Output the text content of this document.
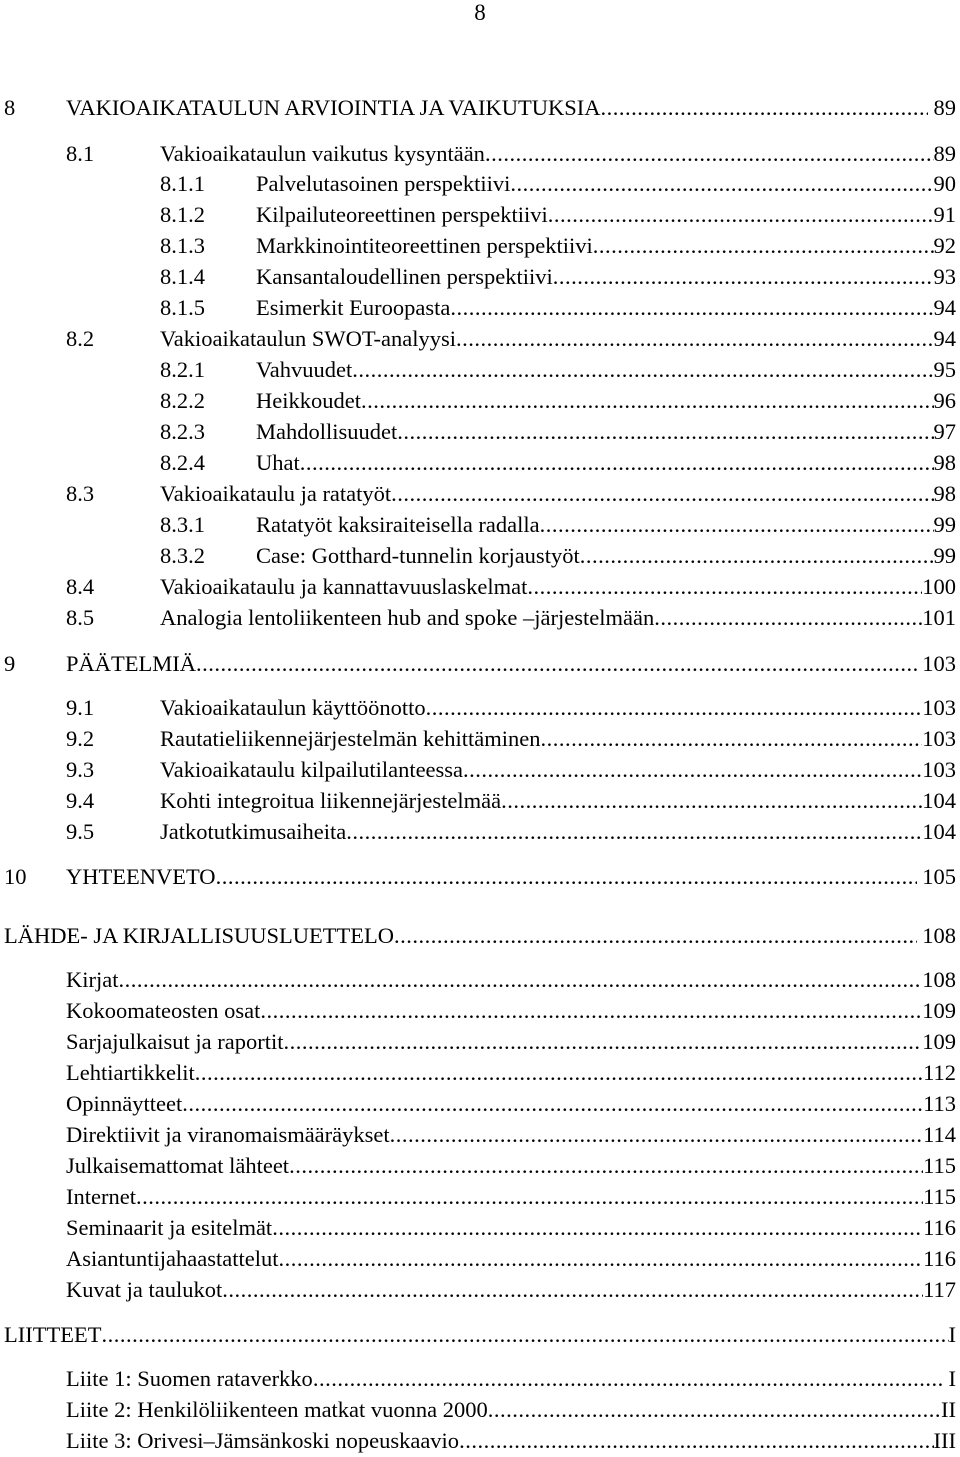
8
8 VAKIOAIKATAULUN ARVIOINTIA JA VAIKUTUKSIA .....	89
8.1	Vakioaikataulun vaikutus kysyntään .....	89
8.1.1 Palvelutasoinen perspektiivi .....	90
8.1.2 Kilpailuteoreettinen perspektiivi .....	91
8.1.3 Markkinointiteoreettinen perspektiivi .....	92
8.1.4 Kansantaloudellinen perspektiivi .....	93
8.1.5 Esimerkit Euroopasta .....	94
8.2	Vakioaikataulun SWOT-analyysi .....	94
8.2.1 Vahvuudet .....	95
8.2.2 Heikkoudet .....	96
8.2.3 Mahdollisuudet .....	97
8.2.4 Uhat .....	98
8.3	Vakioaikataulu ja ratatyöt .....	98
8.3.1 Ratatyöt kaksiraiteisella radalla .....	99
8.3.2 Case: Gotthard-tunnelin korjaustyöt .....	99
8.4	Vakioaikataulu ja kannattavuuslaskelmat .....	100
8.5	Analogia lentoliikenteen hub and spoke –järjestelmään .....	101
9 PÄÄTELMIÄ .....	103
9.1	Vakioaikataulun käyttöönotto .....	103
9.2	Rautatieliikennejärjestelmän kehittäminen .....	103
9.3	Vakioaikataulu kilpailutilanteessa .....	103
9.4	Kohti integroitua liikennejärjestelmää .....	104
9.5	Jatkotutkimusaiheita .....	104
10 YHTEENVETO .....	105
LÄHDE- JA KIRJALLISUUSLUETTELO .....	108
Kirjat .....	108
Kokoomateosten osat .....	109
Sarjajulkaisut ja raportit .....	109
Lehtiartikkelit .....	112
Opinnäytteet .....	113
Direktiivit ja viranomaismääräykset .....	114
Julkaisemattomat lähteet .....	115
Internet .....	115
Seminaarit ja esitelmät .....	116
Asiantuntijahaastattelut .....	116
Kuvat ja taulukot .....	117
LIITTEET .....	I
Liite 1: Suomen rataverkko .....	I
Liite 2: Henkilöliikenteen matkat vuonna 2000 .....	II
Liite 3: Orivesi–Jämsänkoski nopeuskaavio .....	III
